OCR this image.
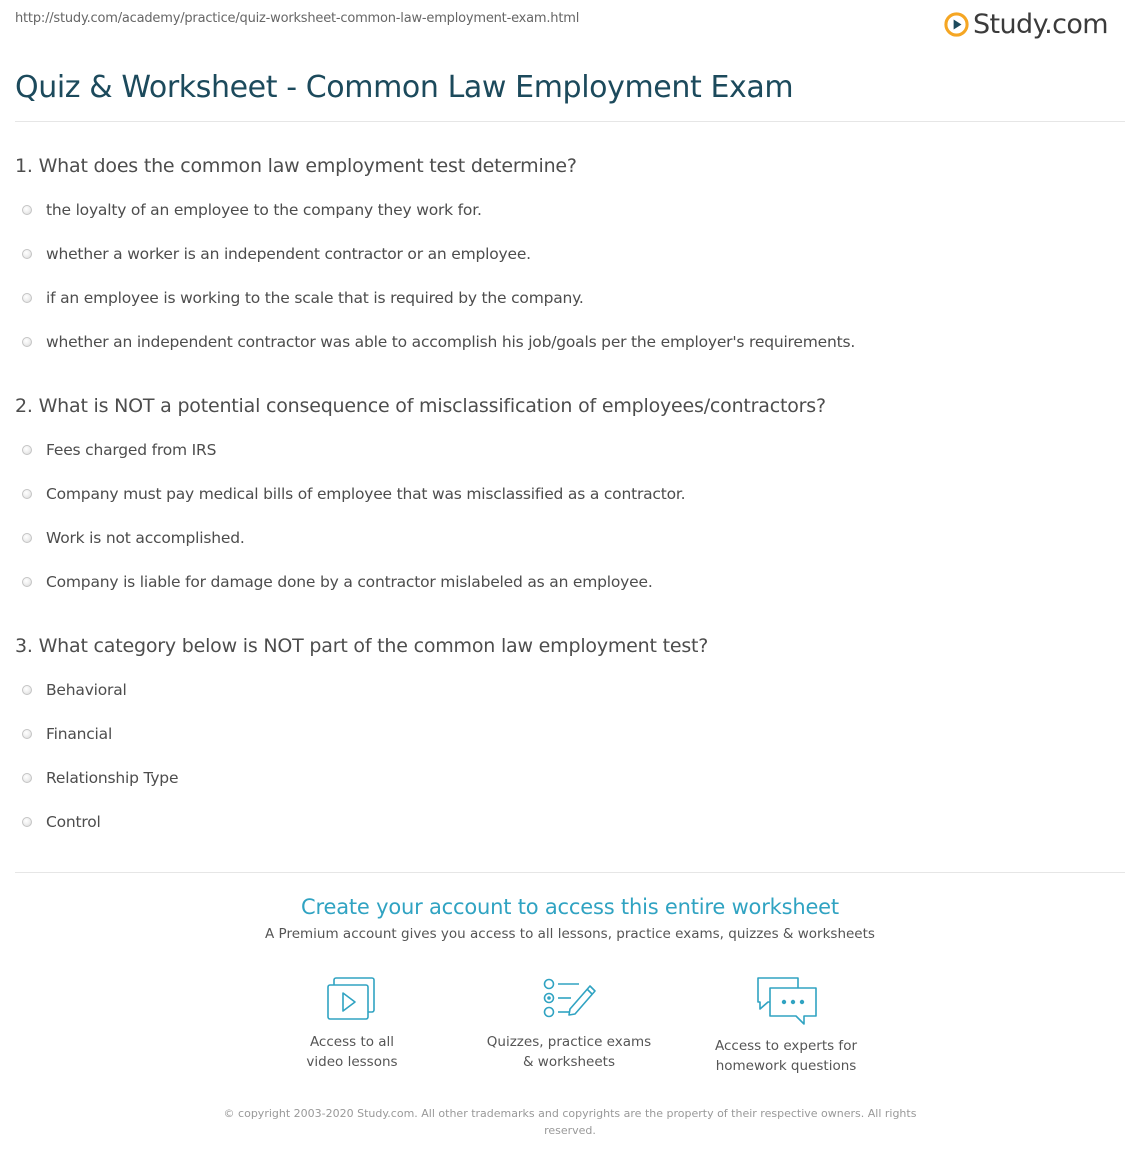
http://study.com/academy/practice/quiz-worksheet-common-law-employment-exam.html	Study.com
Quiz & Worksheet - Common Law Employment Exam
1. What does the common law employment test determine?
the loyalty of an employee to the company they work for.
whether a worker is an independent contractor or an employee.
if an employee is working to the scale that is required by the company.
whether an independent contractor was able to accomplish his job/goals per the employer's requirements.
2. What is NOT a potential consequence of misclassification of employees/contractors?
Fees charged from IRS
Company must pay medical bills of employee that was misclassified as a contractor.
Work is not accomplished.
Company is liable for damage done by a contractor mislabeled as an employee.
3. What category below is NOT part of the common law employment test?
Behavioral
Financial
Relationship Type
Control
Create your account to access this entire worksheet
A Premium account gives you access to all lessons, practice exams, quizzes & worksheets
Access to all
video lessons
Quizzes, practice exams
& worksheets
Access to experts for
homework questions
© copyright 2003-2020 Study.com. All other trademarks and copyrights are the property of their respective owners. All rights reserved.
